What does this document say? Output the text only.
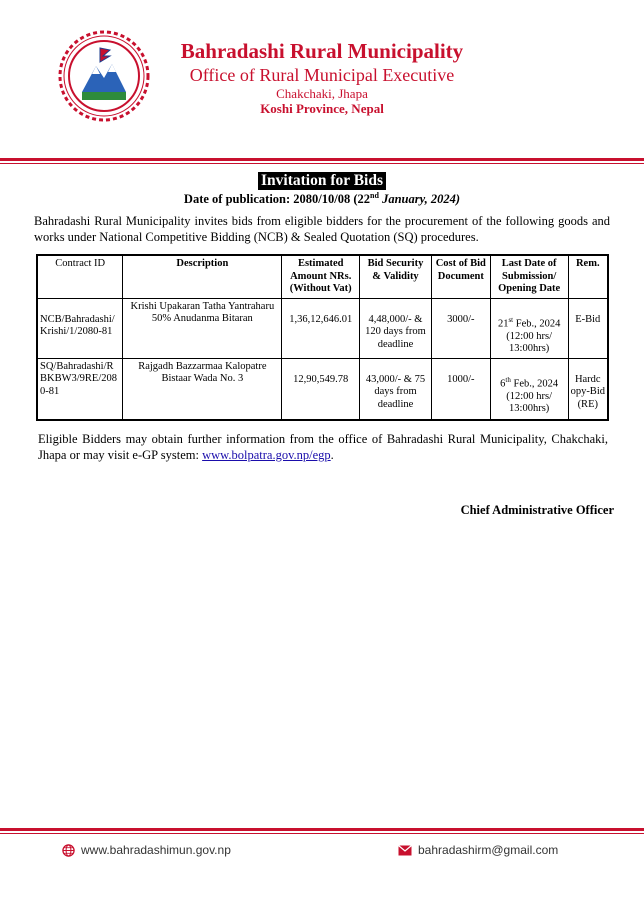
Bahradashi Rural Municipality
Office of Rural Municipal Executive
Chakchaki, Jhapa
Koshi Province, Nepal
Invitation for Bids
Date of publication: 2080/10/08 (22nd January, 2024)
Bahradashi Rural Municipality invites bids from eligible bidders for the procurement of the following goods and works under National Competitive Bidding (NCB) & Sealed Quotation (SQ) procedures.
Contract ID	Description	Estimated Amount NRs. (Without Vat)	Bid Security & Validity	Cost of Bid Document	Last Date of Submission/ Opening Date	Rem.
NCB/Bahradashi/ Krishi/1/2080-81	Krishi Upakaran Tatha Yantraharu 50% Anudanma Bitaran	1,36,12,646.01	4,48,000/- & 120 days from deadline	3000/-	21st Feb., 2024 (12:00 hrs/ 13:00hrs)	E-Bid
SQ/Bahradashi/R BKBW3/9RE/208 0-81	Rajgadh Bazzarmaa Kalopatre Bistaar Wada No. 3	12,90,549.78	43,000/- & 75 days from deadline	1000/-	6th Feb., 2024 (12:00 hrs/ 13:00hrs)	Hardc opy-Bid (RE)
Eligible Bidders may obtain further information from the office of Bahradashi Rural Municipality, Chakchaki, Jhapa or may visit e-GP system: www.bolpatra.gov.np/egp.
Chief Administrative Officer
www.bahradashimun.gov.np	bahradashirm@gmail.com
